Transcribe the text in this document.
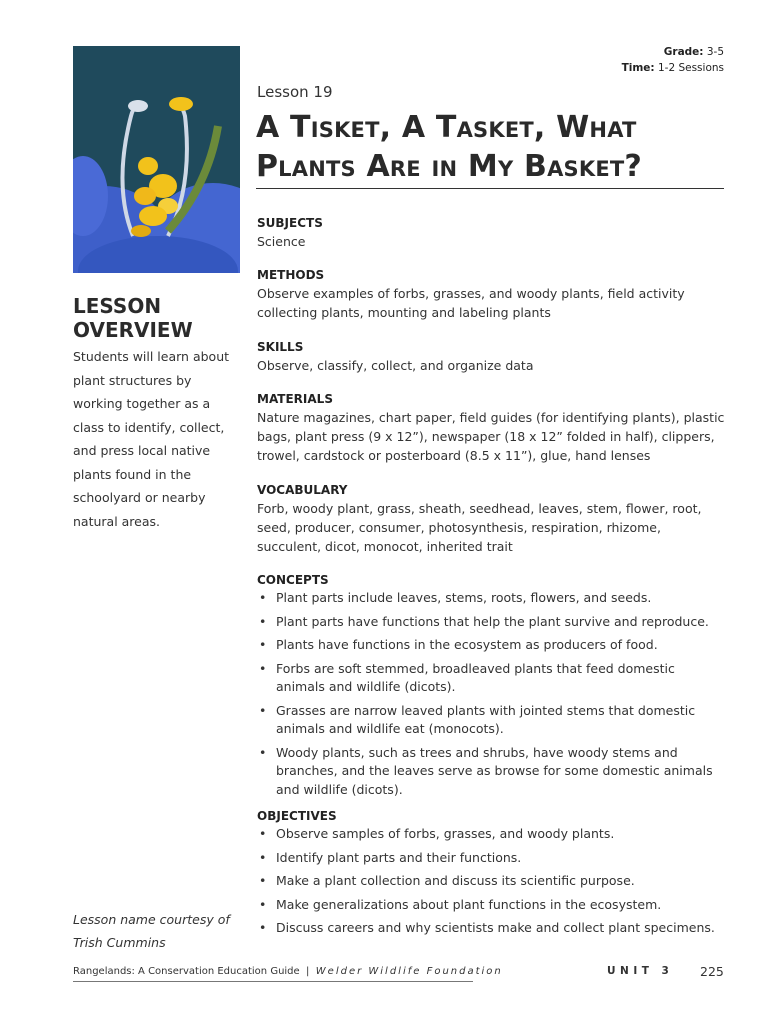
Grade: 3-5
Time: 1-2 Sessions
Lesson 19
A Tisket, A Tasket, What
Plants Are in My Basket?
LESSON
OVERVIEW

Students will learn about plant structures by working together as a class to identify, collect, and press local native plants found in the schoolyard or nearby natural areas.

Lesson name courtesy of
Trish Cummins

SUBJECTS
Science
METHODS
Observe examples of forbs, grasses, and woody plants, field activity collecting plants, mounting and labeling plants
SKILLS
Observe, classify, collect, and organize data
MATERIALS
Nature magazines, chart paper, field guides (for identifying plants), plastic bags, plant press (9 x 12”), newspaper (18 x 12” folded in half), clippers, trowel, cardstock or posterboard (8.5 x 11”), glue, hand lenses
VOCABULARY
Forb, woody plant, grass, sheath, seedhead, leaves, stem, flower, root, seed, producer, consumer, photosynthesis, respiration, rhizome, succulent, dicot, monocot, inherited trait
CONCEPTS
• Plant parts include leaves, stems, roots, flowers, and seeds.
• Plant parts have functions that help the plant survive and reproduce.
• Plants have functions in the ecosystem as producers of food.
• Forbs are soft stemmed, broadleaved plants that feed domestic animals and wildlife (dicots).
• Grasses are narrow leaved plants with jointed stems that domestic animals and wildlife eat (monocots).
• Woody plants, such as trees and shrubs, have woody stems and branches, and the leaves serve as browse for some domestic animals and wildlife (dicots).
OBJECTIVES
• Observe samples of forbs, grasses, and woody plants.
• Identify plant parts and their functions.
• Make a plant collection and discuss its scientific purpose.
• Make generalizations about plant functions in the ecosystem.
• Discuss careers and why scientists make and collect plant specimens.
Rangelands: A Conservation Education Guide | Welder Wildlife Foundation	UNIT 3 225
